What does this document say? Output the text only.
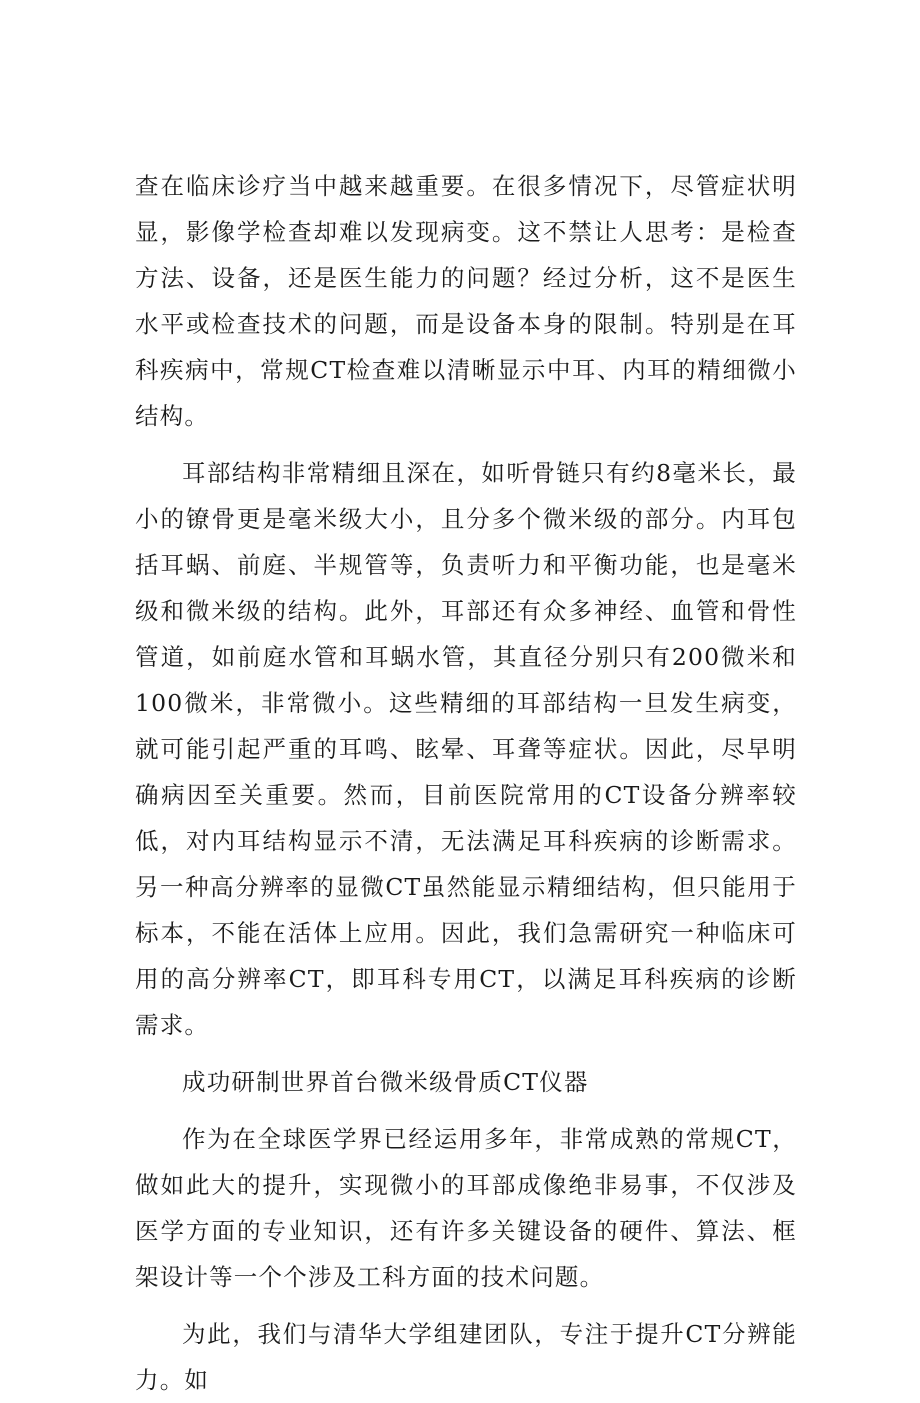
查在临床诊疗当中越来越重要。在很多情况下，尽管症状明显，影像学检查却难以发现病变。这不禁让人思考：是检查方法、设备，还是医生能力的问题？经过分析，这不是医生水平或检查技术的问题，而是设备本身的限制。特别是在耳科疾病中，常规CT检查难以清晰显示中耳、内耳的精细微小结构。

耳部结构非常精细且深在，如听骨链只有约8毫米长，最小的镣骨更是毫米级大小，且分多个微米级的部分。内耳包括耳蜗、前庭、半规管等，负责听力和平衡功能，也是毫米级和微米级的结构。此外，耳部还有众多神经、血管和骨性管道，如前庭水管和耳蜗水管，其直径分别只有200微米和100微米，非常微小。这些精细的耳部结构一旦发生病变，就可能引起严重的耳鸣、眩晕、耳聋等症状。因此，尽早明确病因至关重要。然而，目前医院常用的CT设备分辨率较低，对内耳结构显示不清，无法满足耳科疾病的诊断需求。另一种高分辨率的显微CT虽然能显示精细结构，但只能用于标本，不能在活体上应用。因此，我们急需研究一种临床可用的高分辨率CT，即耳科专用CT，以满足耳科疾病的诊断需求。

成功研制世界首台微米级骨质CT仪器

作为在全球医学界已经运用多年，非常成熟的常规CT，做如此大的提升，实现微小的耳部成像绝非易事，不仅涉及医学方面的专业知识，还有许多关键设备的硬件、算法、框架设计等一个个涉及工科方面的技术问题。

为此，我们与清华大学组建团队，专注于提升CT分辨能力。如
